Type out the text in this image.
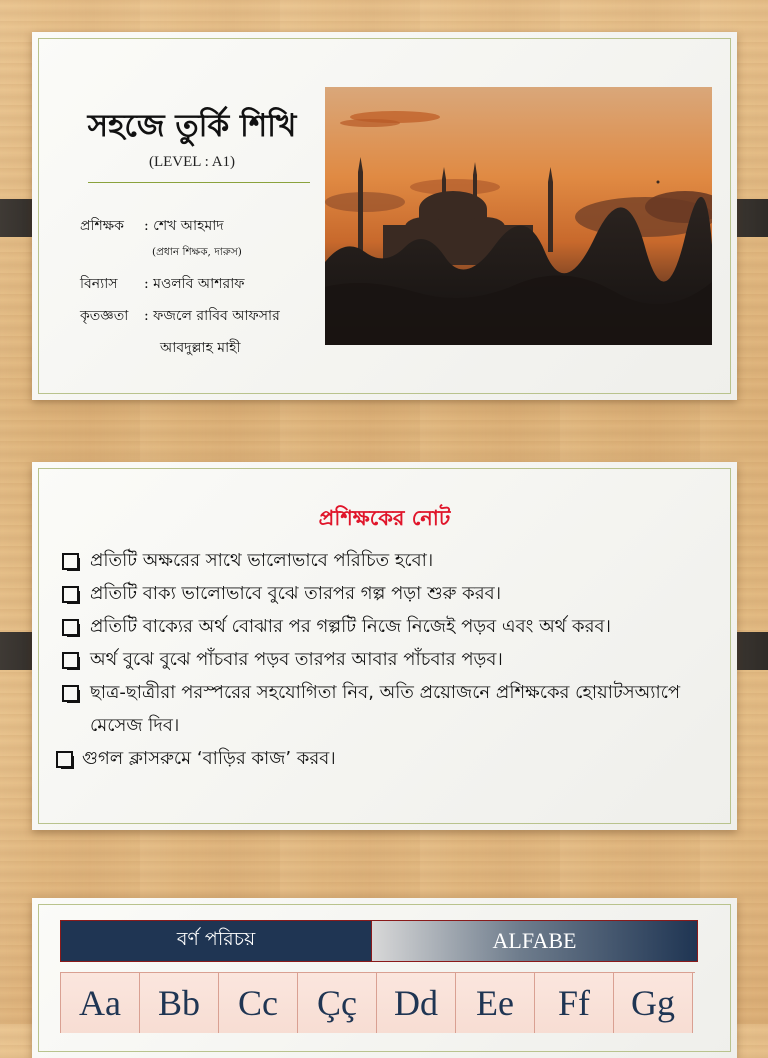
সহজে তুর্কি শিখি
(LEVEL : A1)
প্রশিক্ষক : শেখ আহমাদ
(প্রধান শিক্ষক, দারুস)
বিন্যাস : মওলবি আশরাফ
কৃতজ্ঞতা : ফজলে রাবিব আফসার
আবদুল্লাহ মাহী
প্রশিক্ষকের নোট
প্রতিটি অক্ষরের সাথে ভালোভাবে পরিচিত হবো।
প্রতিটি বাক্য ভালোভাবে বুঝে তারপর গল্প পড়া শুরু করব।
প্রতিটি বাক্যের অর্থ বোঝার পর গল্পটি নিজে নিজেই পড়ব এবং অর্থ করব।
অর্থ বুঝে বুঝে পাঁচবার পড়ব তারপর আবার পাঁচবার পড়ব।
ছাত্র-ছাত্রীরা পরস্পরের সহযোগিতা নিব, অতি প্রয়োজনে প্রশিক্ষকের হোয়াটসঅ্যাপে মেসেজ দিব।
গুগল ক্লাসরুমে ‘বাড়ির কাজ’ করব।
বর্ণ পরিচয়	ALFABE
Aa	Bb	Cc	Çç	Dd	Ee	Ff	Gg
